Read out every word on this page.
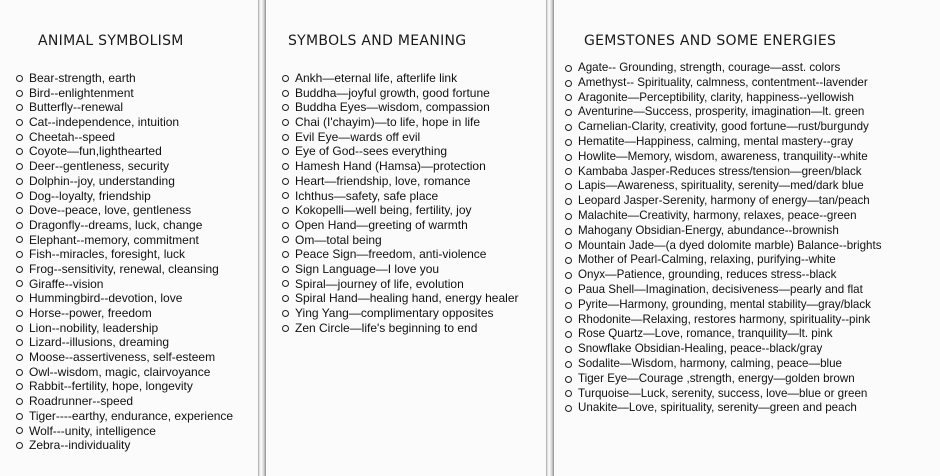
ANIMAL SYMBOLISM
Bear-strength, earth
Bird--enlightenment
Butterfly--renewal
Cat--independence, intuition
Cheetah--speed
Coyote—fun,lighthearted
Deer--gentleness, security
Dolphin--joy, understanding
Dog--loyalty, friendship
Dove--peace, love, gentleness
Dragonfly--dreams, luck, change
Elephant--memory, commitment
Fish--miracles, foresight, luck
Frog--sensitivity, renewal, cleansing
Giraffe--vision
Hummingbird--devotion, love
Horse--power, freedom
Lion--nobility, leadership
Lizard--illusions, dreaming
Moose--assertiveness, self-esteem
Owl--wisdom, magic, clairvoyance
Rabbit--fertility, hope, longevity
Roadrunner--speed
Tiger----earthy, endurance, experience
Wolf---unity, intelligence
Zebra--individuality
SYMBOLS AND MEANING
Ankh—eternal life, afterlife link
Buddha—joyful growth, good fortune
Buddha Eyes—wisdom, compassion
Chai (I'chayim)—to life, hope in life
Evil Eye—wards off evil
Eye of God--sees everything
Hamesh Hand (Hamsa)—protection
Heart—friendship, love, romance
Ichthus—safety, safe place
Kokopelli—well being, fertility, joy
Open Hand—greeting of warmth
Om—total being
Peace Sign—freedom, anti-violence
Sign Language—I love you
Spiral—journey of life, evolution
Spiral Hand—healing hand, energy healer
Ying Yang—complimentary opposites
Zen Circle—life's beginning to end
GEMSTONES AND SOME ENERGIES
Agate-- Grounding, strength, courage—asst. colors
Amethyst-- Spirituality, calmness, contentment--lavender
Aragonite—Perceptibility, clarity, happiness--yellowish
Aventurine—Success, prosperity, imagination—lt. green
Carnelian-Clarity, creativity, good fortune—rust/burgundy
Hematite—Happiness, calming, mental mastery--gray
Howlite—Memory, wisdom, awareness, tranquility--white
Kambaba Jasper-Reduces stress/tension—green/black
Lapis—Awareness, spirituality, serenity—med/dark blue
Leopard Jasper-Serenity, harmony of energy—tan/peach
Malachite—Creativity, harmony, relaxes, peace--green
Mahogany Obsidian-Energy, abundance--brownish
Mountain Jade—(a dyed dolomite marble) Balance--brights
Mother of Pearl-Calming, relaxing, purifying--white
Onyx—Patience, grounding, reduces stress--black
Paua Shell—Imagination, decisiveness—pearly and flat
Pyrite—Harmony, grounding, mental stability—gray/black
Rhodonite—Relaxing, restores harmony, spirituality--pink
Rose Quartz—Love, romance, tranquility—lt. pink
Snowflake Obsidian-Healing, peace--black/gray
Sodalite—Wisdom, harmony, calming, peace—blue
Tiger Eye—Courage ,strength, energy—golden brown
Turquoise—Luck, serenity, success, love—blue or green
Unakite—Love, spirituality, serenity—green and peach
